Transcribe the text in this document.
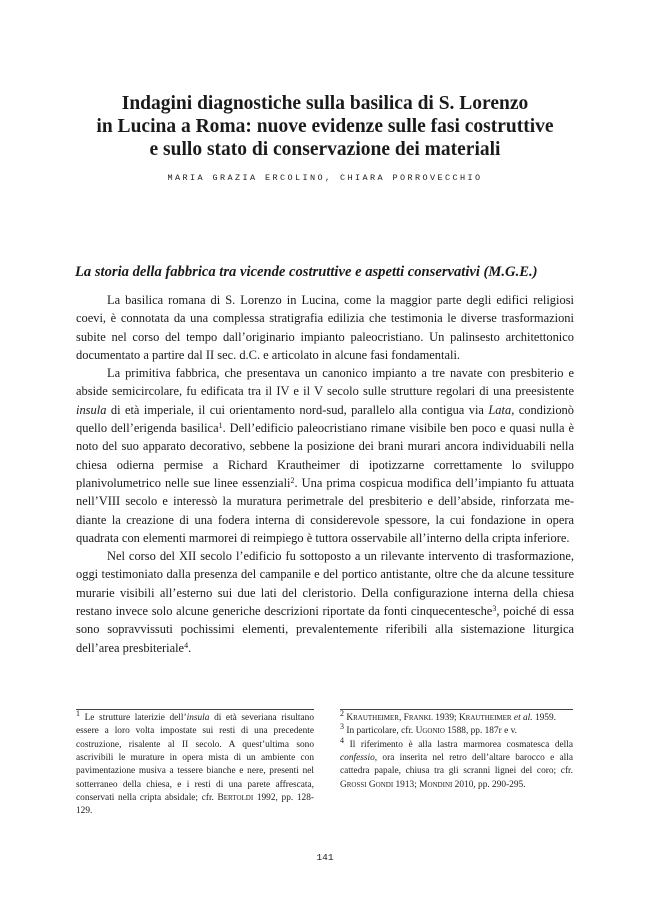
Indagini diagnostiche sulla basilica di S. Lorenzo
in Lucina a Roma: nuove evidenze sulle fasi costruttive
e sullo stato di conservazione dei materiali

MARIA GRAZIA ERCOLINO, CHIARA PORROVECCHIO

La storia della fabbrica tra vicende costruttive e aspetti conservativi (M.G.E.)

La basilica romana di S. Lorenzo in Lucina, come la maggior parte degli edifici religiosi coevi, è connotata da una complessa stratigrafia edilizia che testimonia le diverse trasformazioni subite nel corso del tempo dall’originario impianto paleocristiano. Un palinsesto architettonico documentato a partire dal II sec. d.C. e articolato in alcune fasi fondamentali.

La primitiva fabbrica, che presentava un canonico impianto a tre navate con presbiterio e abside semicircolare, fu edificata tra il IV e il V secolo sulle strutture regolari di una preesistente insula di età imperiale, il cui orientamento nord-sud, parallelo alla contigua via Lata, condizionò quello dell’erigenda basilica$^1$. Dell’edificio paleocristiano rimane visibile ben poco e quasi nulla è noto del suo apparato decorativo, sebbene la posizione dei brani murari ancora individuabili nella chiesa odierna permise a Richard Krautheimer di ipotizzarne correttamente lo sviluppo planivolumetrico nelle sue linee essenziali$^2$. Una prima cospicua modifica dell’impianto fu attuata nell’VIII secolo e interessò la muratura perimetrale del presbiterio e dell’abside, rinforzata mediante la creazione di una fodera interna di considerevole spessore, la cui fondazione in opera quadrata con elementi marmorei di reimpiego è tuttora osservabile all’interno della cripta inferiore.

Nel corso del XII secolo l’edificio fu sottoposto a un rilevante intervento di trasformazione, oggi testimoniato dalla presenza del campanile e del portico antistante, oltre che da alcune tessiture murarie visibili all’esterno sui due lati del cleristorio. Della configurazione interna della chiesa restano invece solo alcune generiche descrizioni riportate da fonti cinquecentesche$^3$, poiché di essa sono sopravvissuti pochissimi elementi, prevalentemente riferibili alla sistemazione liturgica dell’area presbiteriale$^4$.

$^1$ Le strutture laterizie dell’insula di età severiana risultano essere a loro volta impostate sui resti di una precedente costruzione, risalente al II secolo. A quest’ultima sono ascrivibili le murature in opera mista di un ambiente con pavimentazione musiva a tessere bianche e nere, presenti nel sotterraneo della chiesa, e i resti di una parete affrescata, conservati nella cripta absidale; cfr. Bertoldi 1992, pp. 128-129.

$^2$ Krautheimer, Frankl 1939; Krautheimer et al. 1959.

$^3$ In particolare, cfr. Ugonio 1588, pp. 187r e v.

$^4$ Il riferimento è alla lastra marmorea cosmatesca della confessio, ora inserita nel retro dell’altare barocco e alla cattedra papale, chiusa tra gli scranni lignei del coro; cfr. Grossi Gondi 1913; Mondini 2010, pp. 290-295.

141
